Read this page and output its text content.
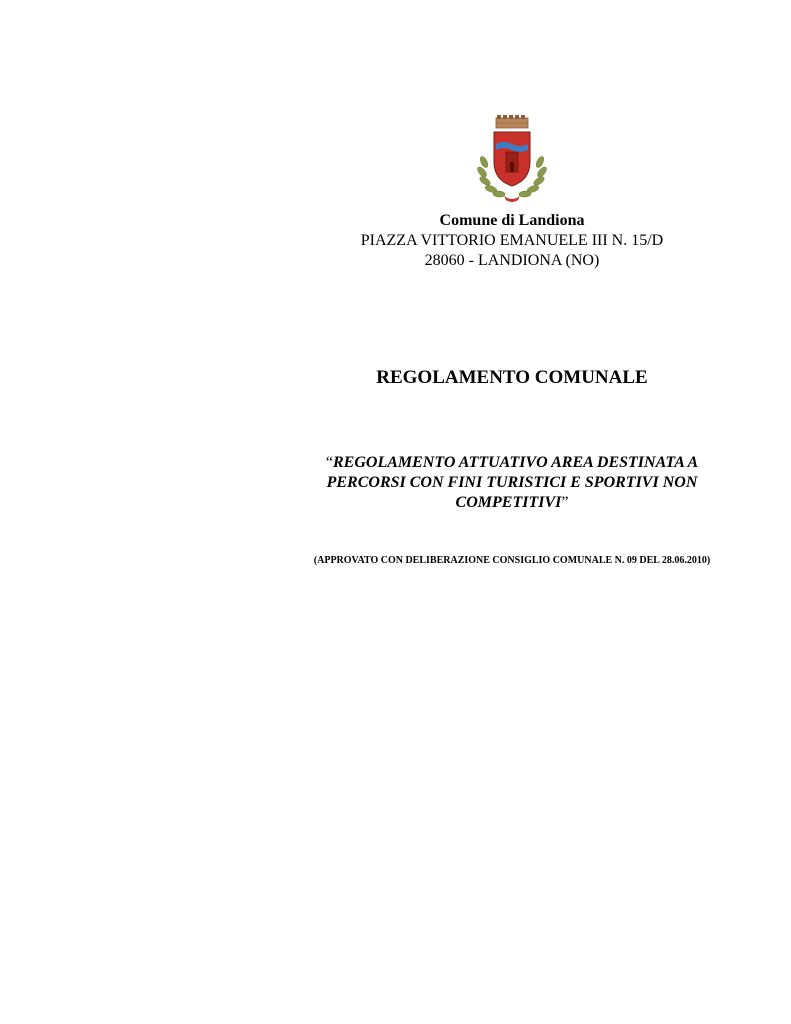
Comune di Landiona
PIAZZA VITTORIO EMANUELE III N. 15/D
28060 - LANDIONA (NO)
REGOLAMENTO COMUNALE
“REGOLAMENTO ATTUATIVO AREA DESTINATA A PERCORSI CON FINI TURISTICI E SPORTIVI NON COMPETITIVI”
(APPROVATO CON DELIBERAZIONE CONSIGLIO COMUNALE N. 09 DEL 28.06.2010)
